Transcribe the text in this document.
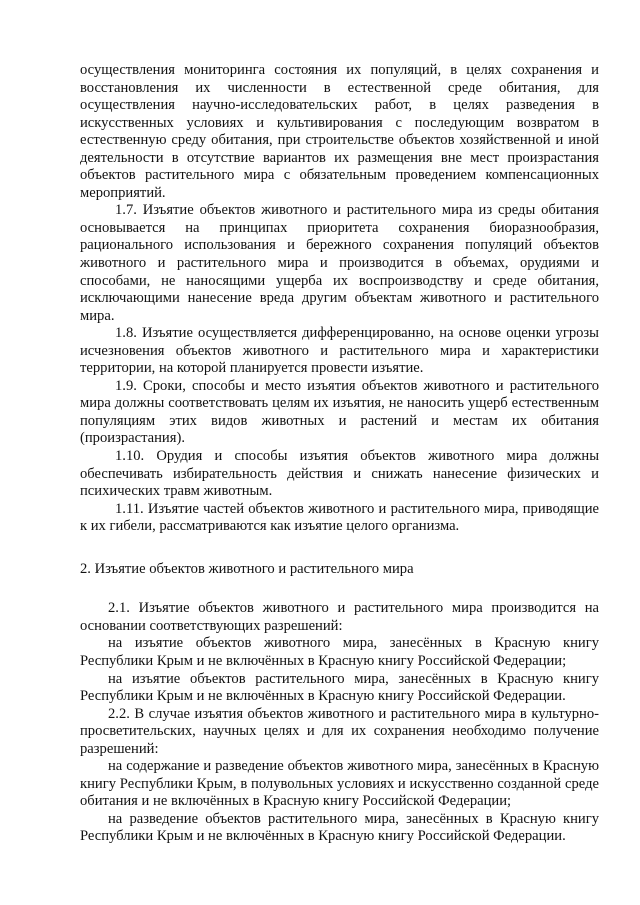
осуществления мониторинга состояния их популяций, в целях сохранения и восстановления их численности в естественной среде обитания, для осуществления научно-исследовательских работ, в целях разведения в искусственных условиях и культивирования с последующим возвратом в естественную среду обитания, при строительстве объектов хозяйственной и иной деятельности в отсутствие вариантов их размещения вне мест произрастания объектов растительного мира с обязательным проведением компенсационных мероприятий.

1.7. Изъятие объектов животного и растительного мира из среды обитания основывается на принципах приоритета сохранения биоразнообразия, рационального использования и бережного сохранения популяций объектов животного и растительного мира и производится в объемах, орудиями и способами, не наносящими ущерба их воспроизводству и среде обитания, исключающими нанесение вреда другим объектам животного и растительного мира.

1.8. Изъятие осуществляется дифференцированно, на основе оценки угрозы исчезновения объектов животного и растительного мира и характеристики территории, на которой планируется провести изъятие.

1.9. Сроки, способы и место изъятия объектов животного и растительного мира должны соответствовать целям их изъятия, не наносить ущерб естественным популяциям этих видов животных и растений и местам их обитания (произрастания).

1.10. Орудия и способы изъятия объектов животного мира должны обеспечивать избирательность действия и снижать нанесение физических и психических травм животным.

1.11. Изъятие частей объектов животного и растительного мира, приводящие к их гибели, рассматриваются как изъятие целого организма.

2. Изъятие объектов животного и растительного мира

2.1. Изъятие объектов животного и растительного мира производится на основании соответствующих разрешений:

на изъятие объектов животного мира, занесённых в Красную книгу Республики Крым и не включённых в Красную книгу Российской Федерации;

на изъятие объектов растительного мира, занесённых в Красную книгу Республики Крым и не включённых в Красную книгу Российской Федерации.

2.2. В случае изъятия объектов животного и растительного мира в культурно-просветительских, научных целях и для их сохранения необходимо получение разрешений:

на содержание и разведение объектов животного мира, занесённых в Красную книгу Республики Крым, в полувольных условиях и искусственно созданной среде обитания и не включённых в Красную книгу Российской Федерации;

на разведение объектов растительного мира, занесённых в Красную книгу Республики Крым и не включённых в Красную книгу Российской Федерации.
